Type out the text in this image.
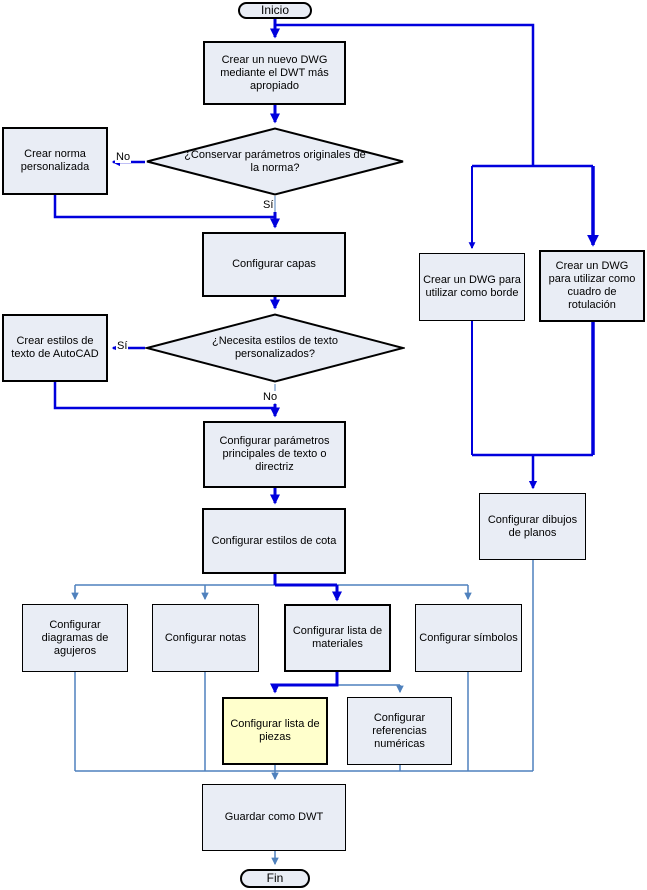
Inicio
Fin
Crear un nuevo DWG mediante el DWT más apropiado
¿Conservar parámetros originales de la norma?
Crear norma personalizada
Configurar capas
¿Necesita estilos de texto personalizados?
Crear estilos de texto de AutoCAD
Configurar parámetros principales de texto o directriz
Configurar estilos de cota
Configurar diagramas de agujeros
Configurar notas
Configurar lista de materiales
Configurar símbolos
Configurar lista de piezas
Configurar referencias numéricas
Guardar como DWT
Crear un DWG para utilizar como borde
Crear un DWG para utilizar como cuadro de rotulación
Configurar dibujos de planos
No
Sí
Sí
No
